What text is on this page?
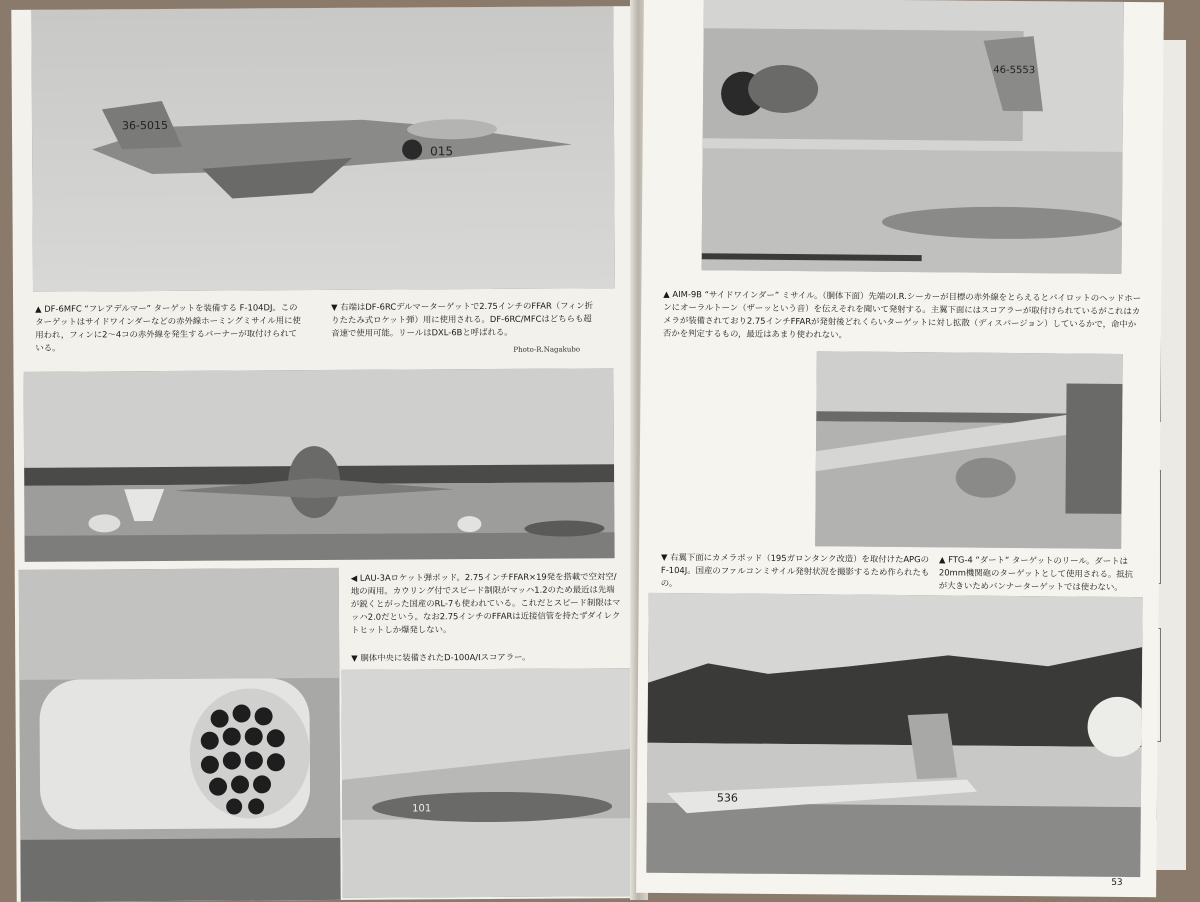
36-5015
015
▲ DF-6MFC “フレアデルマー” ターゲットを装備する F-104DJ。このターゲットはサイドワインダーなどの赤外線ホーミングミサイル用に使用われ，フィンに2～4コの赤外線を発生するバーナーが取付けられている。
▼ 右端はDF-6RCデルマーターゲットで2.75インチのFFAR（フィン折りたたみ式ロケット弾）用に使用される。DF-6RC/MFCはどちらも超音速で使用可能。リールはDXL-6Bと呼ばれる。
Photo-R.Nagakubo
◀ LAU-3Aロケット弾ポッド。2.75インチFFAR×19発を搭載で空対空/地の両用。カウリング付でスピード制限がマッハ1.2のため最近は先端が鋭くとがった国産のRL-7も使われている。これだとスピード制限はマッハ2.0だという。なお2.75インチのFFARは近接信管を持たずダイレクトヒットしか爆発しない。
▼ 胴体中央に装備されたD-100A/Iスコアラー。
101
46-5553
▲ AIM-9B “サイドワインダー” ミサイル。（胴体下面）先端のI.R.シーカーが目標の赤外線をとらえるとパイロットのヘッドホーンにオーラルトーン（ザーッという音）を伝えそれを聞いて発射する。主翼下面にはスコアラーが取付けられているがこれはカメラが装備されており2.75インチFFARが発射後どれくらいターゲットに対し拡散（ディスパージョン）しているかで，命中か否かを判定するもの，最近はあまり使われない。
▼ 右翼下面にカメラポッド（195ガロンタンク改造）を取付けたAPGのF-104J。国産のファルコンミサイル発射状況を撮影するため作られたもの。
▲ FTG-4 “ダート” ターゲットのリール。ダートは20mm機関砲のターゲットとして使用される。抵抗が大きいためバンナーターゲットでは使わない。
536
53
